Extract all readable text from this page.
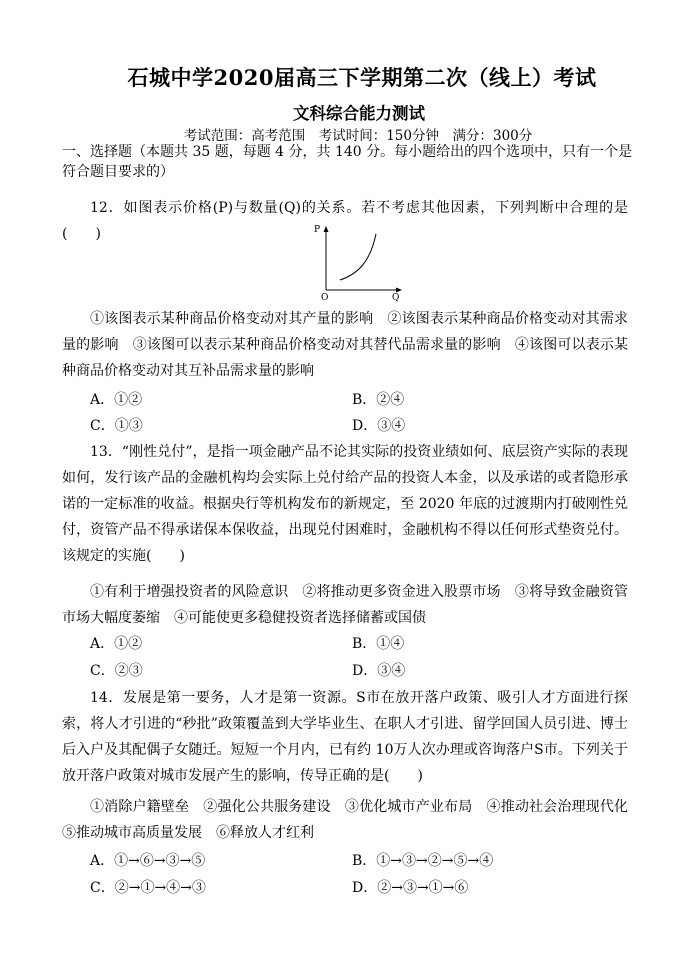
石城中学2020届高三下学期第二次（线上）考试
文科综合能力测试
考试范围：高考范围　考试时间：150分钟　满分：300分
一、选择题（本题共 35 题，每题 4 分，共 140 分。每小题给出的四个选项中，只有一个是符合题目要求的）

12．如图表示价格(P)与数量(Q)的关系。若不考虑其他因素，下列判断中合理的是(　　)	P
O	Q

①该图表示某种商品价格变动对其产量的影响　②该图表示某种商品价格变动对其需求量的影响　③该图可以表示某种商品价格变动对其替代品需求量的影响　④该图可以表示某种商品价格变动对其互补品需求量的影响

A．①②	B．②④
C．①③	D．③④

13．“刚性兑付”，是指一项金融产品不论其实际的投资业绩如何、底层资产实际的表现如何，发行该产品的金融机构均会实际上兑付给产品的投资人本金，以及承诺的或者隐形承诺的一定标准的收益。根据央行等机构发布的新规定，至 2020 年底的过渡期内打破刚性兑付，资管产品不得承诺保本保收益，出现兑付困难时，金融机构不得以任何形式垫资兑付。该规定的实施(　　)

①有利于增强投资者的风险意识　②将推动更多资金进入股票市场　③将导致金融资管市场大幅度萎缩　④可能使更多稳健投资者选择储蓄或国债

A．①②	B．①④
C．②③	D．③④

14．发展是第一要务，人才是第一资源。S市在放开落户政策、吸引人才方面进行探索，将人才引进的“秒批”政策覆盖到大学毕业生、在职人才引进、留学回国人员引进、博士后入户及其配偶子女随迁。短短一个月内，已有约 10万人次办理或咨询落户S市。下列关于放开落户政策对城市发展产生的影响，传导正确的是(　　)

①消除户籍壁垒　②强化公共服务建设　③优化城市产业布局　④推动社会治理现代化　⑤推动城市高质量发展　⑥释放人才红利

A．①→⑥→③→⑤	B．①→③→②→⑤→④
C．②→①→④→③	D．②→③→①→⑥
